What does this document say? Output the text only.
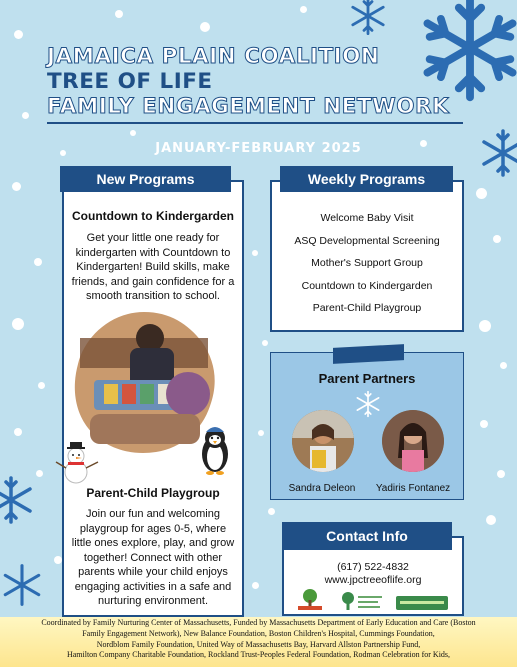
JAMAICA PLAIN COALITION
TREE OF LIFE
FAMILY ENGAGEMENT NETWORK
JANUARY-FEBRUARY 2025
New Programs
Countdown to Kindergarden
Get your little one ready for
kindergarten with Countdown to
Kindergarten! Build skills, make
friends, and gain confidence for a
smooth transition to school.
Parent-Child Playgroup
Join our fun and welcoming
playgroup for ages 0-5, where
little ones explore, play, and grow
together! Connect with other
parents while your child enjoys
engaging activities in a safe and
nurturing environment.
Weekly Programs
Welcome Baby Visit
ASQ Developmental Screening
Mother's Support Group
Countdown to Kindergarden
Parent-Child Playgroup
Parent Partners
Sandra Deleon	Yadiris Fontanez
Contact Info
(617) 522-4832
www.jpctreeoflife.org
Coordinated by Family Nurturing Center of Massachusetts, Funded by Massachusetts Department of Early Education and Care (Boston
Family Engagement Network), New Balance Foundation, Boston Children's Hospital, Cummings Foundation,
Nordblom Family Foundation, United Way of Massachusetts Bay, Harvard Allston Partnership Fund,
Hamilton Company Charitable Foundation, Rockland Trust-Peoples Federal Foundation, Rodman Celebration for Kids,
